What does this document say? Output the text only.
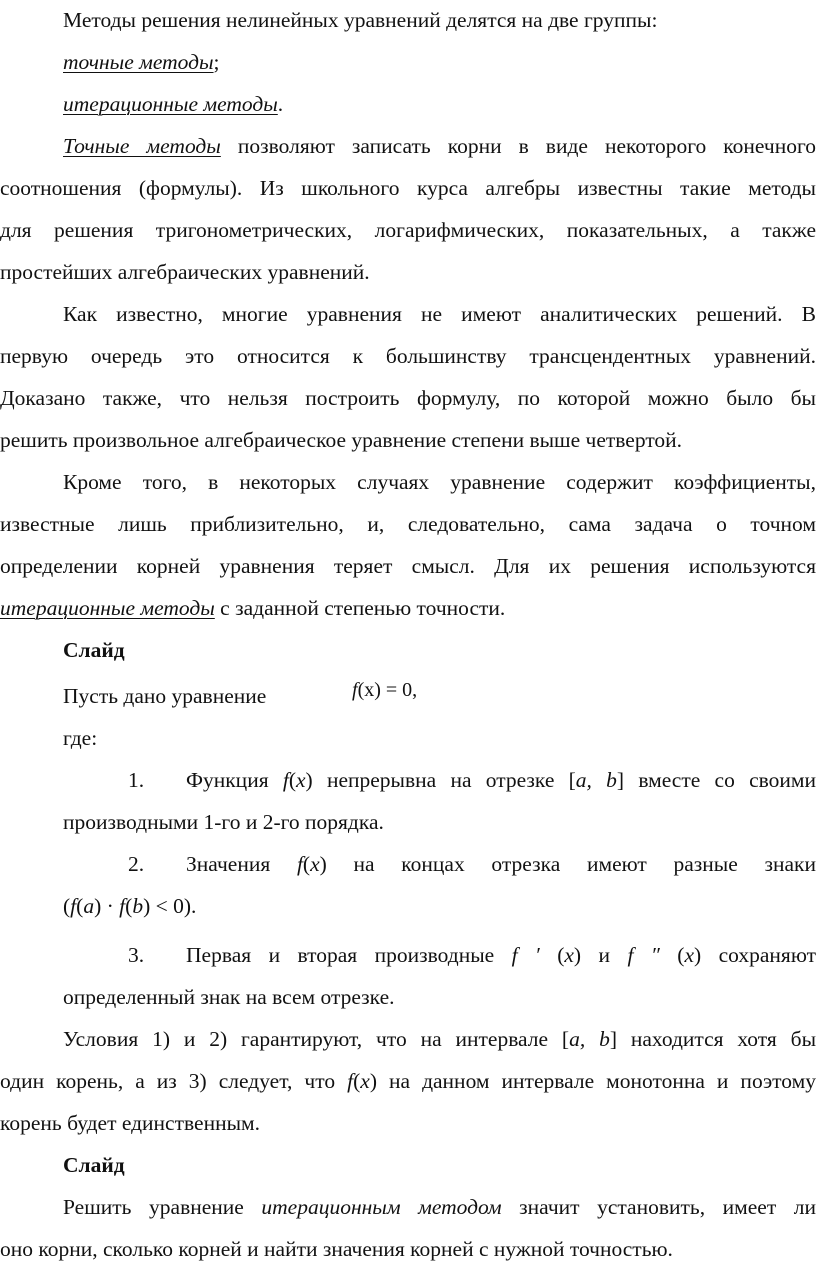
Методы решения нелинейных уравнений делятся на две группы:
точные методы;
итерационные методы.
Точные методы позволяют записать корни в виде некоторого конечного
соотношения (формулы). Из школьного курса алгебры известны такие методы
для решения тригонометрических, логарифмических, показательных, а также
простейших алгебраических уравнений.
Как известно, многие уравнения не имеют аналитических решений. В
первую очередь это относится к большинству трансцендентных уравнений.
Доказано также, что нельзя построить формулу, по которой можно было бы
решить произвольное алгебраическое уравнение степени выше четвертой.
Кроме того, в некоторых случаях уравнение содержит коэффициенты,
известные лишь приблизительно, и, следовательно, сама задача о точном
определении корней уравнения теряет смысл. Для их решения используются
итерационные методы с заданной степенью точности.
Слайд
Пусть дано уравнение	f(x) = 0,
где:
1.	Функция f(x) непрерывна на отрезке [a, b] вместе со своими
производными 1-го и 2-го порядка.
2.	Значения f(x) на концах отрезка имеют разные знаки
(f(a) · f(b) < 0).
3.	Первая и вторая производные f ′ (x) и f ″ (x) сохраняют
определенный знак на всем отрезке.
Условия 1) и 2) гарантируют, что на интервале [a, b] находится хотя бы
один корень, а из 3) следует, что f(x) на данном интервале монотонна и поэтому
корень будет единственным.
Слайд
Решить уравнение итерационным методом значит установить, имеет ли
оно корни, сколько корней и найти значения корней с нужной точностью.
